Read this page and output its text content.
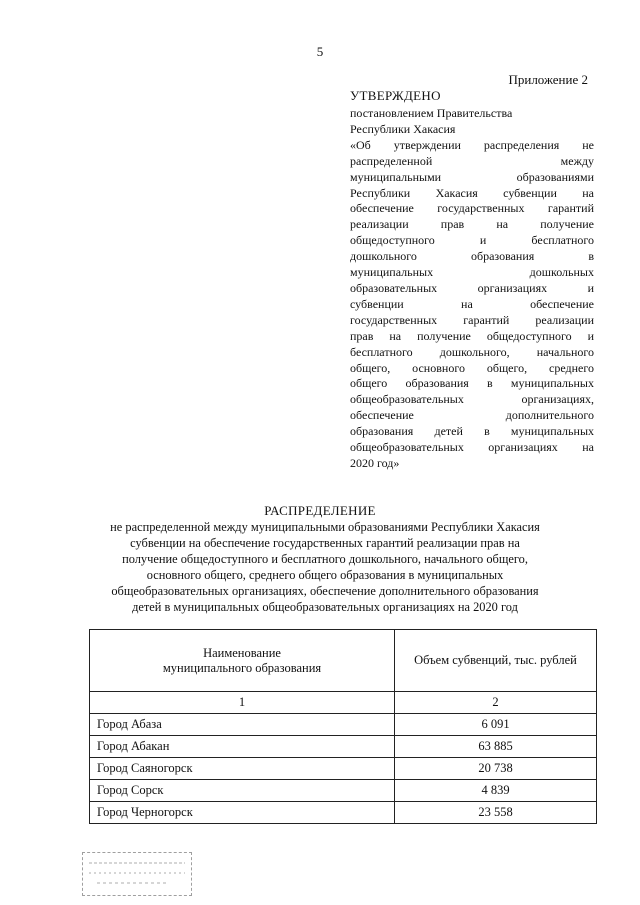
5
Приложение 2
УТВЕРЖДЕНО
постановлением Правительства
Республики Хакасия
«Об утверждении распределения не
распределенной между
муниципальными образованиями
Республики Хакасия субвенции на
обеспечение государственных гарантий
реализации прав на получение
общедоступного и бесплатного
дошкольного образования в
муниципальных дошкольных
образовательных организациях и
субвенции на обеспечение
государственных гарантий реализации
прав на получение общедоступного и
бесплатного дошкольного, начального
общего, основного общего, среднего
общего образования в муниципальных
общеобразовательных организациях,
обеспечение дополнительного
образования детей в муниципальных
общеобразовательных организациях на
2020 год»
РАСПРЕДЕЛЕНИЕ
не распределенной между муниципальными образованиями Республики Хакасия
субвенции на обеспечение государственных гарантий реализации прав на
получение общедоступного и бесплатного дошкольного, начального общего,
основного общего, среднего общего образования в муниципальных
общеобразовательных организациях, обеспечение дополнительного образования
детей в муниципальных общеобразовательных организациях на 2020 год
Наименование
муниципального образования	Объем субвенций, тыс. рублей
1	2
Город Абаза	6 091
Город Абакан	63 885
Город Саяногорск	20 738
Город Сорск	4 839
Город Черногорск	23 558
